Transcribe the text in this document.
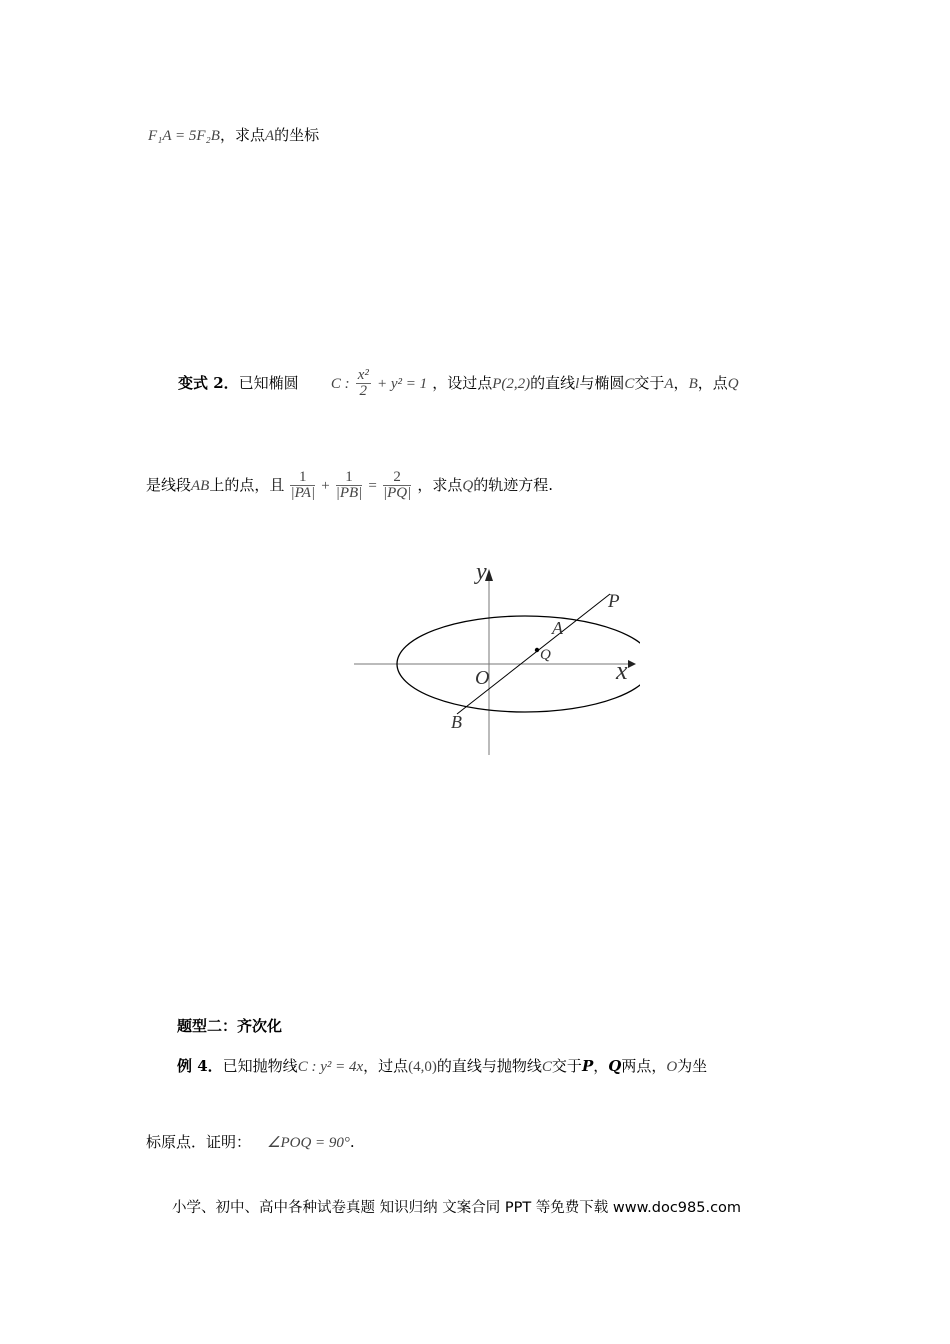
F₁A = 5F₂B，求点A的坐标
变式 2．已知椭圆 C : $\frac{\text{x²}}{2} + y^2 = 1$ ，设过点P(2,2)的直线l与椭圆C交于A，B，点Q
是线段AB上的点，且 $\frac{1}{|PA|} + \frac{1}{|PB|} = \frac{2}{|PQ|}$ ，求点Q的轨迹方程.
y
x
O
P
A
Q
B
题型二：齐次化
例 4．已知抛物线C : y² = 4x，过点(4,0)的直线与抛物线C交于P，Q两点，O为坐
标原点．证明： ∠POQ = 90°.
小学、初中、高中各种试卷真题 知识归纳 文案合同 PPT 等免费下载 www.doc985.com
